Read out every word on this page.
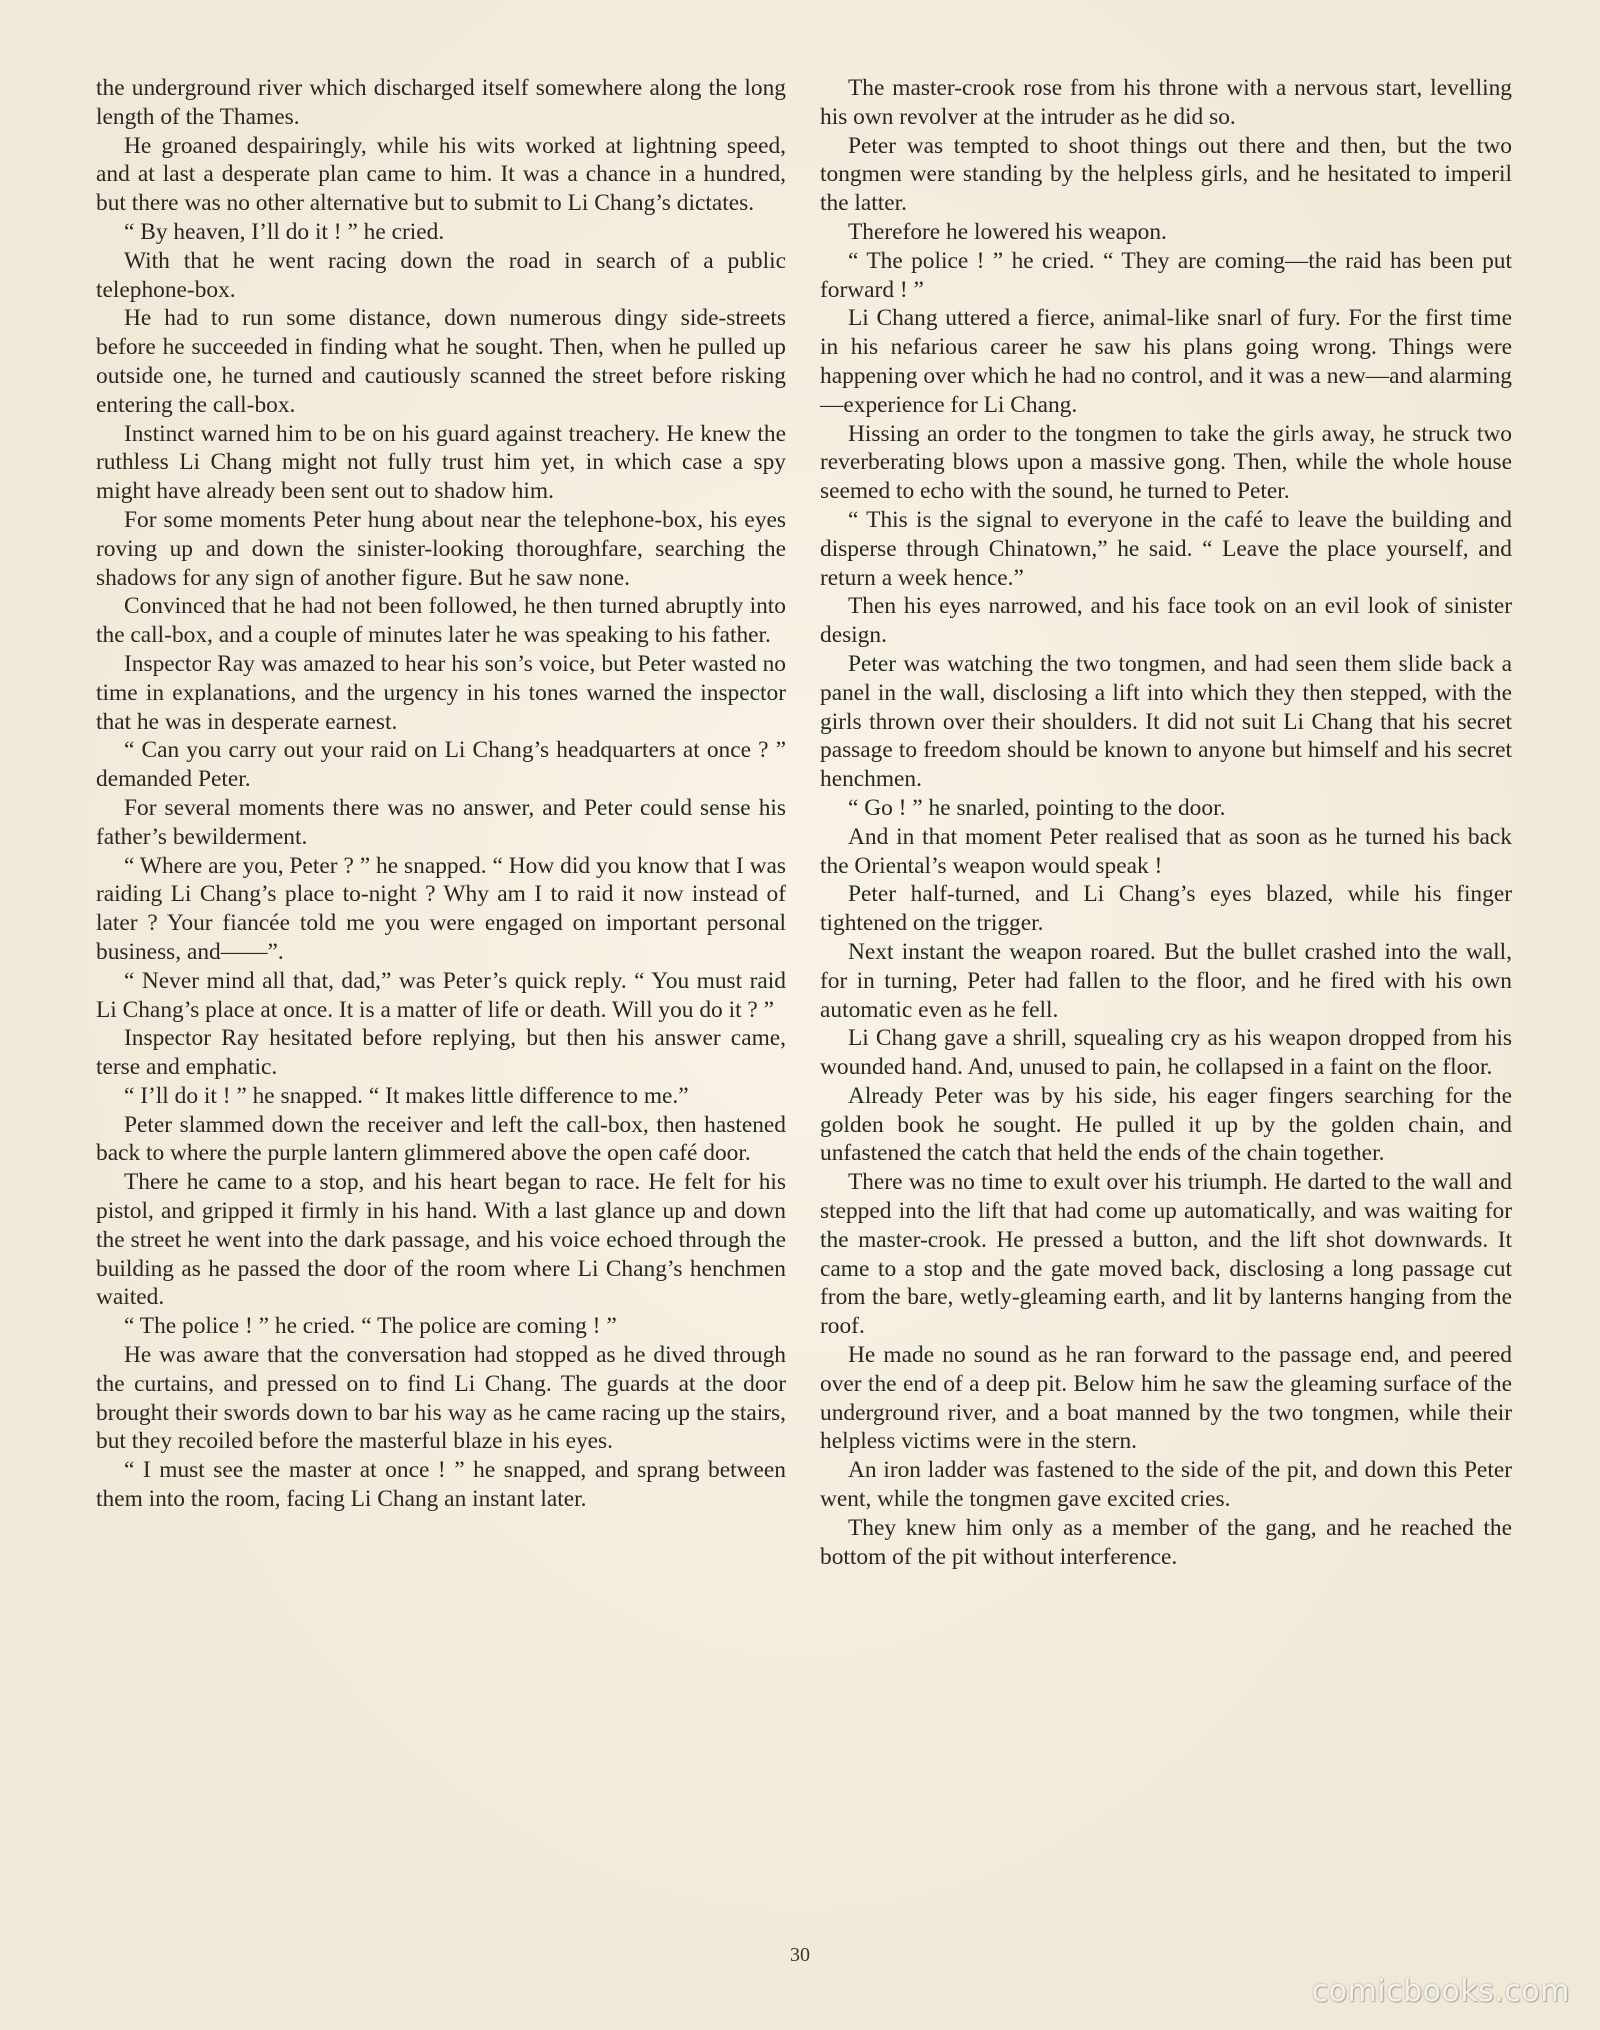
the underground river which discharged itself somewhere along the long length of the Thames.

He groaned despairingly, while his wits worked at lightning speed, and at last a desperate plan came to him. It was a chance in a hundred, but there was no other alternative but to submit to Li Chang’s dictates.

“ By heaven, I’ll do it ! ” he cried.

With that he went racing down the road in search of a public telephone-box.

He had to run some distance, down numerous dingy side-streets before he succeeded in finding what he sought. Then, when he pulled up outside one, he turned and cautiously scanned the street before risking entering the call-box.

Instinct warned him to be on his guard against treachery. He knew the ruthless Li Chang might not fully trust him yet, in which case a spy might have already been sent out to shadow him.

For some moments Peter hung about near the telephone-box, his eyes roving up and down the sinister-looking thoroughfare, searching the shadows for any sign of another figure. But he saw none.

Convinced that he had not been followed, he then turned abruptly into the call-box, and a couple of minutes later he was speaking to his father.

Inspector Ray was amazed to hear his son’s voice, but Peter wasted no time in explanations, and the urgency in his tones warned the inspector that he was in desperate earnest.

“ Can you carry out your raid on Li Chang’s headquarters at once ? ” demanded Peter.

For several moments there was no answer, and Peter could sense his father’s bewilderment.

“ Where are you, Peter ? ” he snapped. “ How did you know that I was raiding Li Chang’s place to-night ? Why am I to raid it now instead of later ? Your fiancée told me you were engaged on important personal business, and——”.

“ Never mind all that, dad,” was Peter’s quick reply. “ You must raid Li Chang’s place at once. It is a matter of life or death. Will you do it ? ”

Inspector Ray hesitated before replying, but then his answer came, terse and emphatic.

“ I’ll do it ! ” he snapped. “ It makes little difference to me.”

Peter slammed down the receiver and left the call-box, then hastened back to where the purple lantern glimmered above the open café door.

There he came to a stop, and his heart began to race. He felt for his pistol, and gripped it firmly in his hand. With a last glance up and down the street he went into the dark passage, and his voice echoed through the building as he passed the door of the room where Li Chang’s henchmen waited.

“ The police ! ” he cried. “ The police are coming ! ”

He was aware that the conversation had stopped as he dived through the curtains, and pressed on to find Li Chang. The guards at the door brought their swords down to bar his way as he came racing up the stairs, but they recoiled before the masterful blaze in his eyes.

“ I must see the master at once ! ” he snapped, and sprang between them into the room, facing Li Chang an instant later.

The master-crook rose from his throne with a nervous start, levelling his own revolver at the intruder as he did so.

Peter was tempted to shoot things out there and then, but the two tongmen were standing by the helpless girls, and he hesitated to imperil the latter.

Therefore he lowered his weapon.

“ The police ! ” he cried. “ They are coming—the raid has been put forward ! ”

Li Chang uttered a fierce, animal-like snarl of fury. For the first time in his nefarious career he saw his plans going wrong. Things were happening over which he had no control, and it was a new—and alarming—experience for Li Chang.

Hissing an order to the tongmen to take the girls away, he struck two reverberating blows upon a massive gong. Then, while the whole house seemed to echo with the sound, he turned to Peter.

“ This is the signal to everyone in the café to leave the building and disperse through Chinatown,” he said. “ Leave the place yourself, and return a week hence.”

Then his eyes narrowed, and his face took on an evil look of sinister design.

Peter was watching the two tongmen, and had seen them slide back a panel in the wall, disclosing a lift into which they then stepped, with the girls thrown over their shoulders. It did not suit Li Chang that his secret passage to freedom should be known to anyone but himself and his secret henchmen.

“ Go ! ” he snarled, pointing to the door.

And in that moment Peter realised that as soon as he turned his back the Oriental’s weapon would speak !

Peter half-turned, and Li Chang’s eyes blazed, while his finger tightened on the trigger.

Next instant the weapon roared. But the bullet crashed into the wall, for in turning, Peter had fallen to the floor, and he fired with his own automatic even as he fell.

Li Chang gave a shrill, squealing cry as his weapon dropped from his wounded hand. And, unused to pain, he collapsed in a faint on the floor.

Already Peter was by his side, his eager fingers searching for the golden book he sought. He pulled it up by the golden chain, and unfastened the catch that held the ends of the chain together.

There was no time to exult over his triumph. He darted to the wall and stepped into the lift that had come up automatically, and was waiting for the master-crook. He pressed a button, and the lift shot downwards. It came to a stop and the gate moved back, disclosing a long passage cut from the bare, wetly-gleaming earth, and lit by lanterns hanging from the roof.

He made no sound as he ran forward to the passage end, and peered over the end of a deep pit. Below him he saw the gleaming surface of the underground river, and a boat manned by the two tongmen, while their helpless victims were in the stern.

An iron ladder was fastened to the side of the pit, and down this Peter went, while the tongmen gave excited cries.

They knew him only as a member of the gang, and he reached the bottom of the pit without interference.

30
comicbooks.com
